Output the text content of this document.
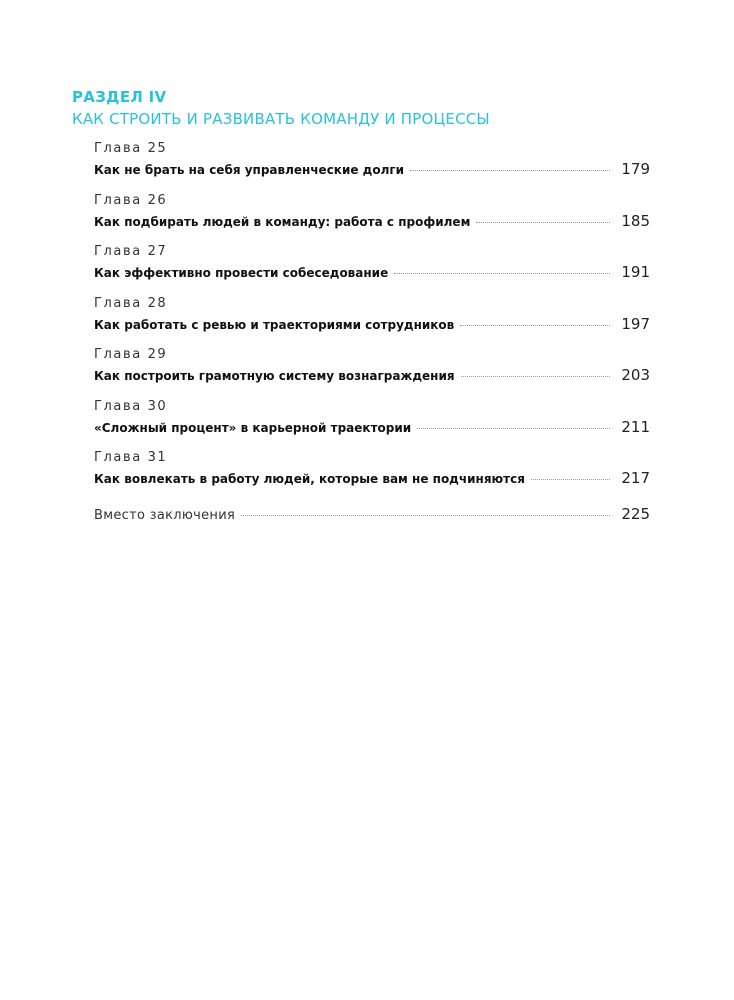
РАЗДЕЛ IV
КАК СТРОИТЬ И РАЗВИВАТЬ КОМАНДУ И ПРОЦЕССЫ
Глава 25
Как не брать на себя управленческие долги	179
Глава 26
Как подбирать людей в команду: работа с профилем	185
Глава 27
Как эффективно провести собеседование	191
Глава 28
Как работать с ревью и траекториями сотрудников	197
Глава 29
Как построить грамотную систему вознаграждения	203
Глава 30
«Сложный процент» в карьерной траектории	211
Глава 31
Как вовлекать в работу людей, которые вам не подчиняются	217
Вместо заключения	225
